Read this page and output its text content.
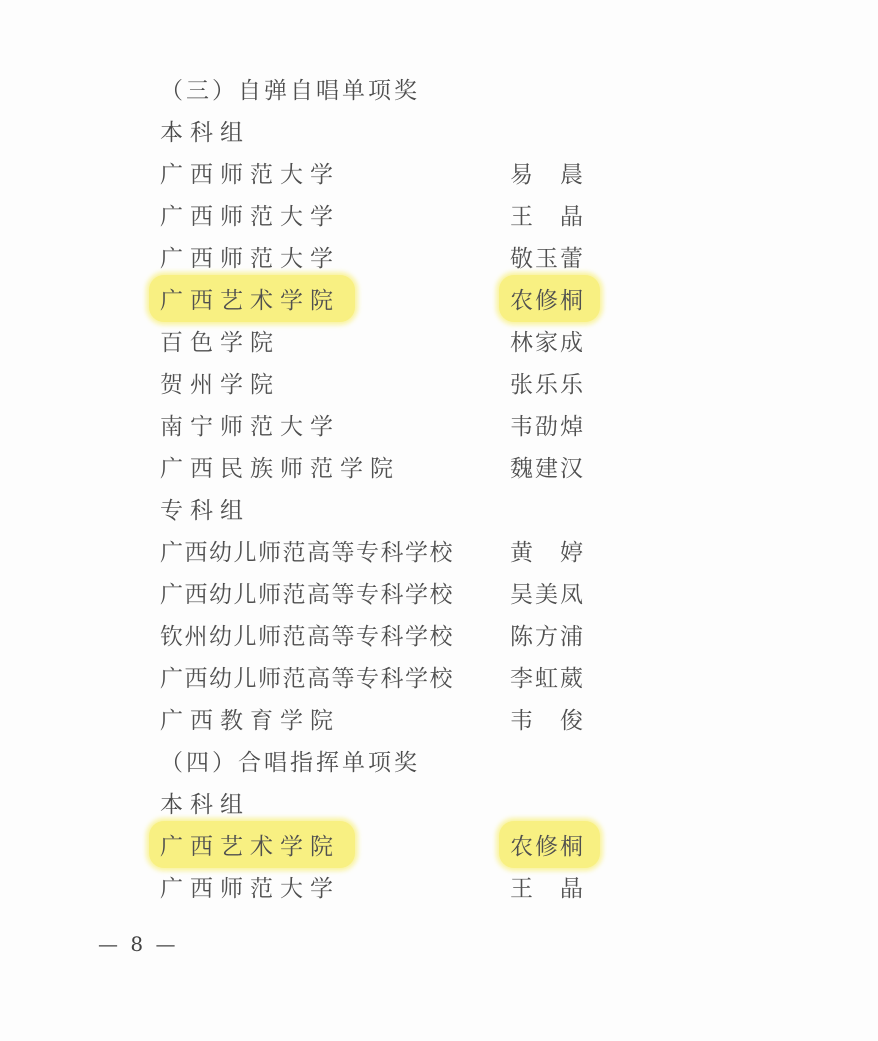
（三）自弹自唱单项奖
本科组
广西师范大学	易　晨
广西师范大学	王　晶
广西师范大学	敬玉蕾
广西艺术学院	农修桐
百色学院	林家成
贺州学院	张乐乐
南宁师范大学	韦劭焯
广西民族师范学院	魏建汉
专科组
广西幼儿师范高等专科学校 黄　婷
广西幼儿师范高等专科学校 吴美凤
钦州幼儿师范高等专科学校 陈方浦
广西幼儿师范高等专科学校 李虹葳
广西教育学院	韦　俊
（四）合唱指挥单项奖
本科组
广西艺术学院	农修桐
广西师范大学	王　晶
— 8 —
